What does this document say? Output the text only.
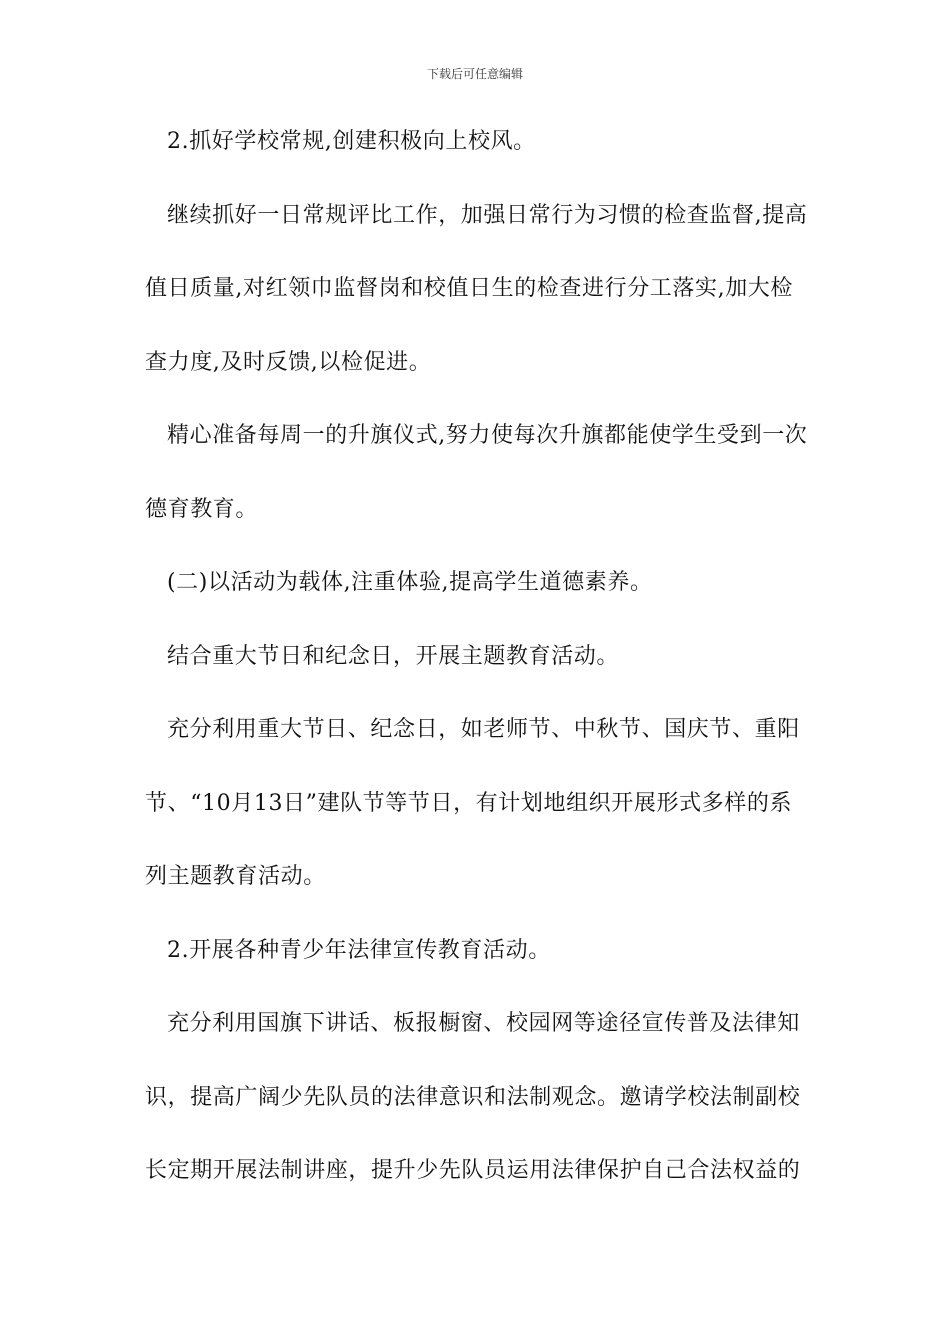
下载后可任意编辑
2.抓好学校常规,创建积极向上校风。
继续抓好一日常规评比工作，加强日常行为习惯的检查监督,提高
值日质量,对红领巾监督岗和校值日生的检查进行分工落实,加大检
查力度,及时反馈,以检促进。
精心准备每周一的升旗仪式,努力使每次升旗都能使学生受到一次
德育教育。
(二)以活动为载体,注重体验,提高学生道德素养。
结合重大节日和纪念日，开展主题教育活动。
充分利用重大节日、纪念日，如老师节、中秋节、国庆节、重阳
节、“10月13日”建队节等节日，有计划地组织开展形式多样的系
列主题教育活动。
2.开展各种青少年法律宣传教育活动。
充分利用国旗下讲话、板报橱窗、校园网等途径宣传普及法律知
识，提高广阔少先队员的法律意识和法制观念。邀请学校法制副校
长定期开展法制讲座，提升少先队员运用法律保护自己合法权益的
